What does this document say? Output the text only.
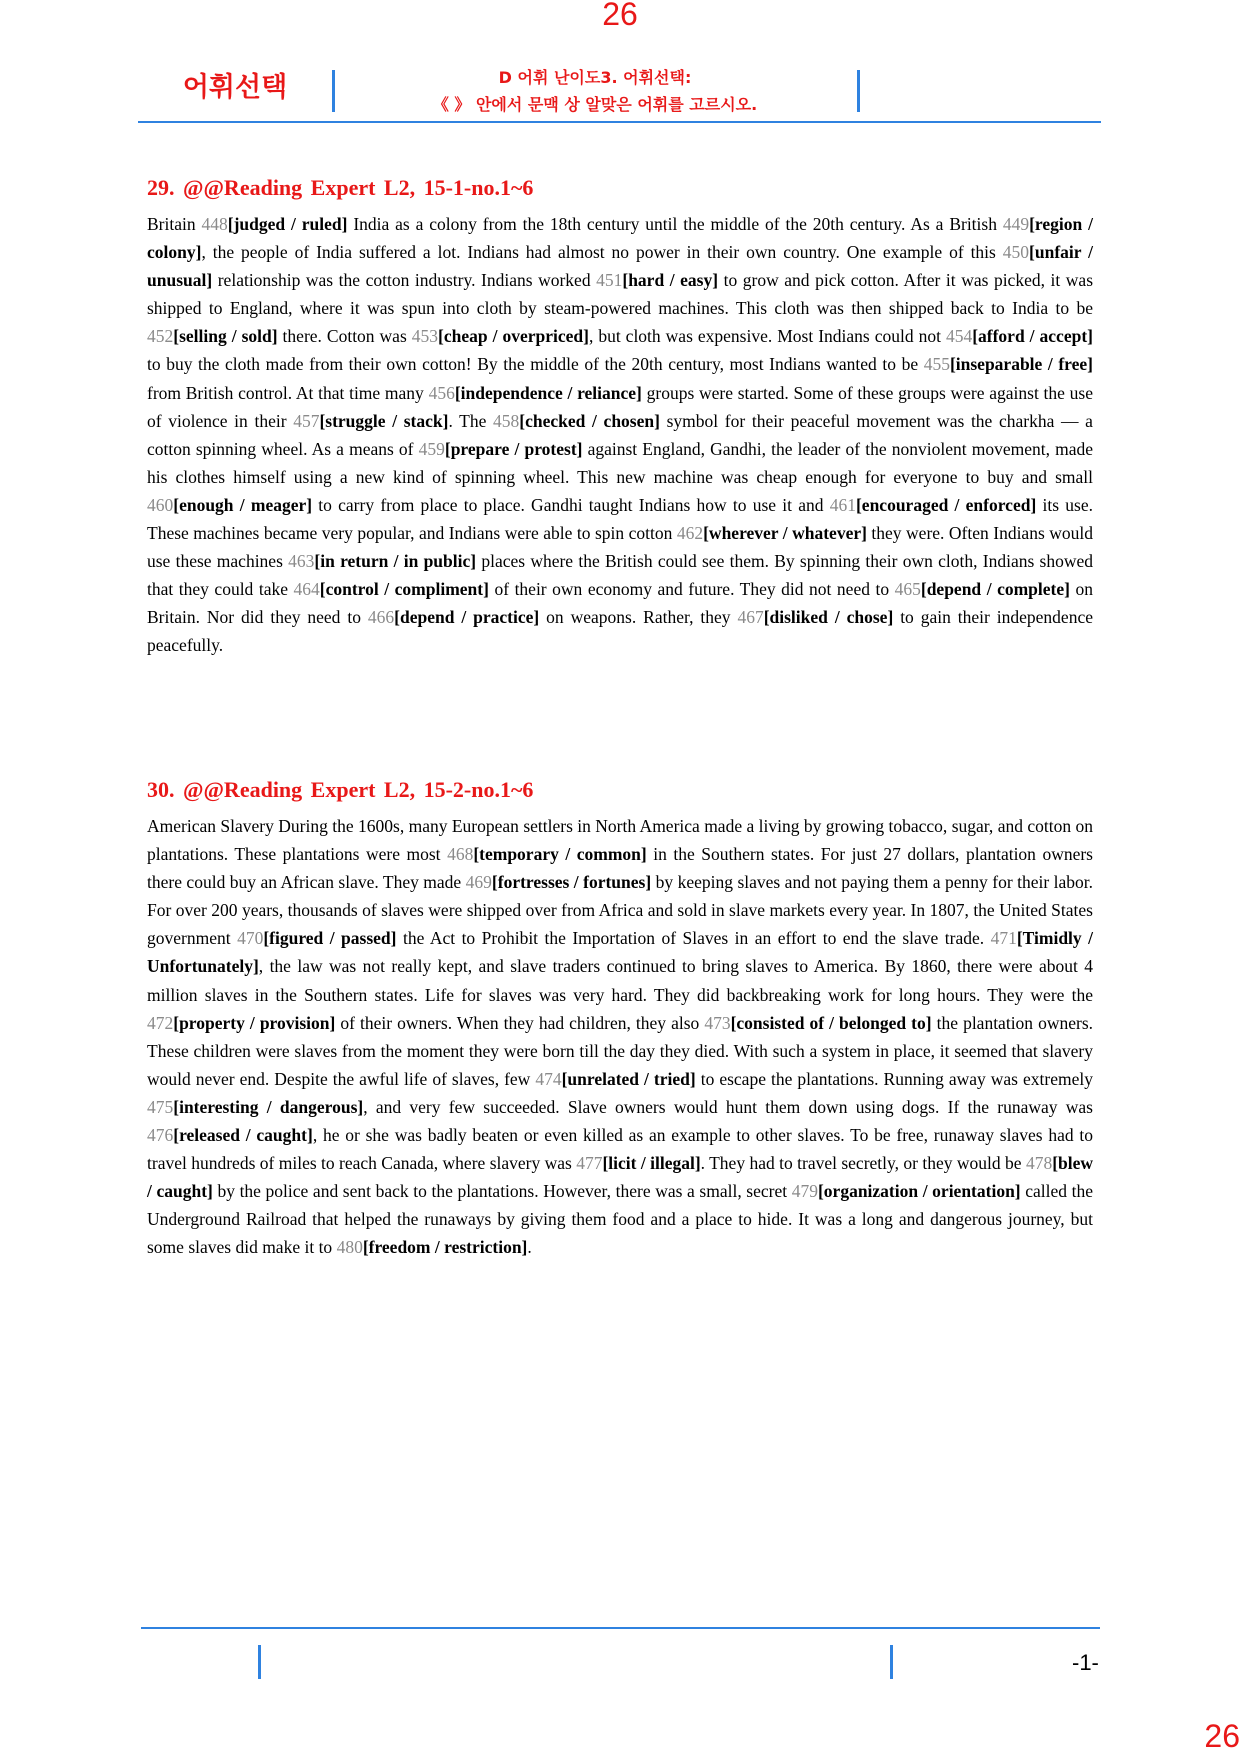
26
어휘선택	D 어휘 난이도3. 어휘선택:
《 》 안에서 문맥 상 알맞은 어휘를 고르시오.
29. @@Reading Expert L2, 15-1-no.1~6

Britain 448[judged / ruled] India as a colony from the 18th century until the middle of the 20th century. As a British 449[region / colony], the people of India suffered a lot. Indians had almost no power in their own country. One example of this 450[unfair / unusual] relationship was the cotton industry. Indians worked 451[hard / easy] to grow and pick cotton. After it was picked, it was shipped to England, where it was spun into cloth by steam-powered machines. This cloth was then shipped back to India to be 452[selling / sold] there. Cotton was 453[cheap / overpriced], but cloth was expensive. Most Indians could not 454[afford / accept] to buy the cloth made from their own cotton! By the middle of the 20th century, most Indians wanted to be 455[inseparable / free] from British control. At that time many 456[independence / reliance] groups were started. Some of these groups were against the use of violence in their 457[struggle / stack]. The 458[checked / chosen] symbol for their peaceful movement was the charkha — a cotton spinning wheel. As a means of 459[prepare / protest] against England, Gandhi, the leader of the nonviolent movement, made his clothes himself using a new kind of spinning wheel. This new machine was cheap enough for everyone to buy and small 460[enough / meager] to carry from place to place. Gandhi taught Indians how to use it and 461[encouraged / enforced] its use. These machines became very popular, and Indians were able to spin cotton 462[wherever / whatever] they were. Often Indians would use these machines 463[in return / in public] places where the British could see them. By spinning their own cloth, Indians showed that they could take 464[control / compliment] of their own economy and future. They did not need to 465[depend / complete] on Britain. Nor did they need to 466[depend / practice] on weapons. Rather, they 467[disliked / chose] to gain their independence peacefully.

30. @@Reading Expert L2, 15-2-no.1~6

American Slavery During the 1600s, many European settlers in North America made a living by growing tobacco, sugar, and cotton on plantations. These plantations were most 468[temporary / common] in the Southern states. For just 27 dollars, plantation owners there could buy an African slave. They made 469[fortresses / fortunes] by keeping slaves and not paying them a penny for their labor. For over 200 years, thousands of slaves were shipped over from Africa and sold in slave markets every year. In 1807, the United States government 470[figured / passed] the Act to Prohibit the Importation of Slaves in an effort to end the slave trade. 471[Timidly / Unfortunately], the law was not really kept, and slave traders continued to bring slaves to America. By 1860, there were about 4 million slaves in the Southern states. Life for slaves was very hard. They did backbreaking work for long hours. They were the 472[property / provision] of their owners. When they had children, they also 473[consisted of / belonged to] the plantation owners. These children were slaves from the moment they were born till the day they died. With such a system in place, it seemed that slavery would never end. Despite the awful life of slaves, few 474[unrelated / tried] to escape the plantations. Running away was extremely 475[interesting / dangerous], and very few succeeded. Slave owners would hunt them down using dogs. If the runaway was 476[released / caught], he or she was badly beaten or even killed as an example to other slaves. To be free, runaway slaves had to travel hundreds of miles to reach Canada, where slavery was 477[licit / illegal]. They had to travel secretly, or they would be 478[blew / caught] by the police and sent back to the plantations. However, there was a small, secret 479[organization / orientation] called the Underground Railroad that helped the runaways by giving them food and a place to hide. It was a long and dangerous journey, but some slaves did make it to 480[freedom / restriction].

-1-
26
